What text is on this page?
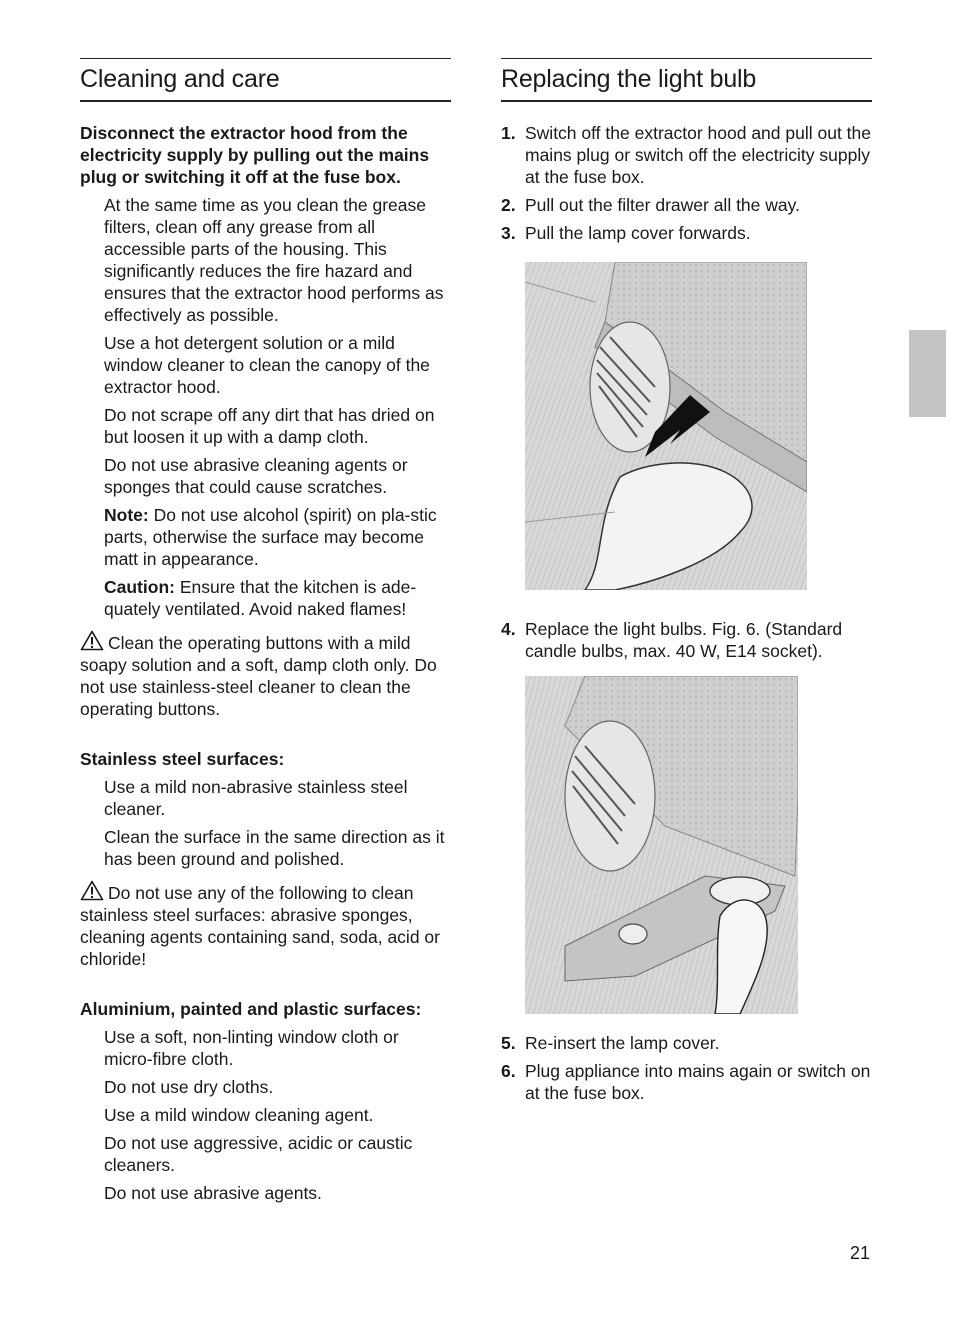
Cleaning and care

Disconnect the extractor hood from the electricity supply by pulling out the mains plug or switching it off at the fuse box.

At the same time as you clean the grease filters, clean off any grease from all accessible parts of the housing. This significantly reduces the fire hazard and ensures that the extractor hood performs as effectively as possible.

Use a hot detergent solution or a mild window cleaner to clean the canopy of the extractor hood.

Do not scrape off any dirt that has dried on but loosen it up with a damp cloth.

Do not use abrasive cleaning agents or sponges that could cause scratches.

Note: Do not use alcohol (spirit) on pla-stic parts, otherwise the surface may become matt in appearance.

Caution: Ensure that the kitchen is ade-quately ventilated. Avoid naked flames!

Clean the operating buttons with a mild soapy solution and a soft, damp cloth only. Do not use stainless-steel cleaner to clean the operating buttons.

Stainless steel surfaces:

Use a mild non-abrasive stainless steel cleaner.

Clean the surface in the same direction as it has been ground and polished.

Do not use any of the following to clean stainless steel surfaces: abrasive sponges, cleaning agents containing sand, soda, acid or chloride!

Aluminium, painted and plastic surfaces:

Use a soft, non-linting window cloth or micro-fibre cloth.

Do not use dry cloths.

Use a mild window cleaning agent.

Do not use aggressive, acidic or caustic cleaners.

Do not use abrasive agents.

Replacing the light bulb
1. Switch off the extractor hood and pull out the mains plug or switch off the electricity supply at the fuse box.
2. Pull out the filter drawer all the way.
3. Pull the lamp cover forwards.
4. Replace the light bulbs. Fig. 6. (Standard candle bulbs, max. 40 W, E14 socket).
5. Re-insert the lamp cover.
6. Plug appliance into mains again or switch on at the fuse box.
21
